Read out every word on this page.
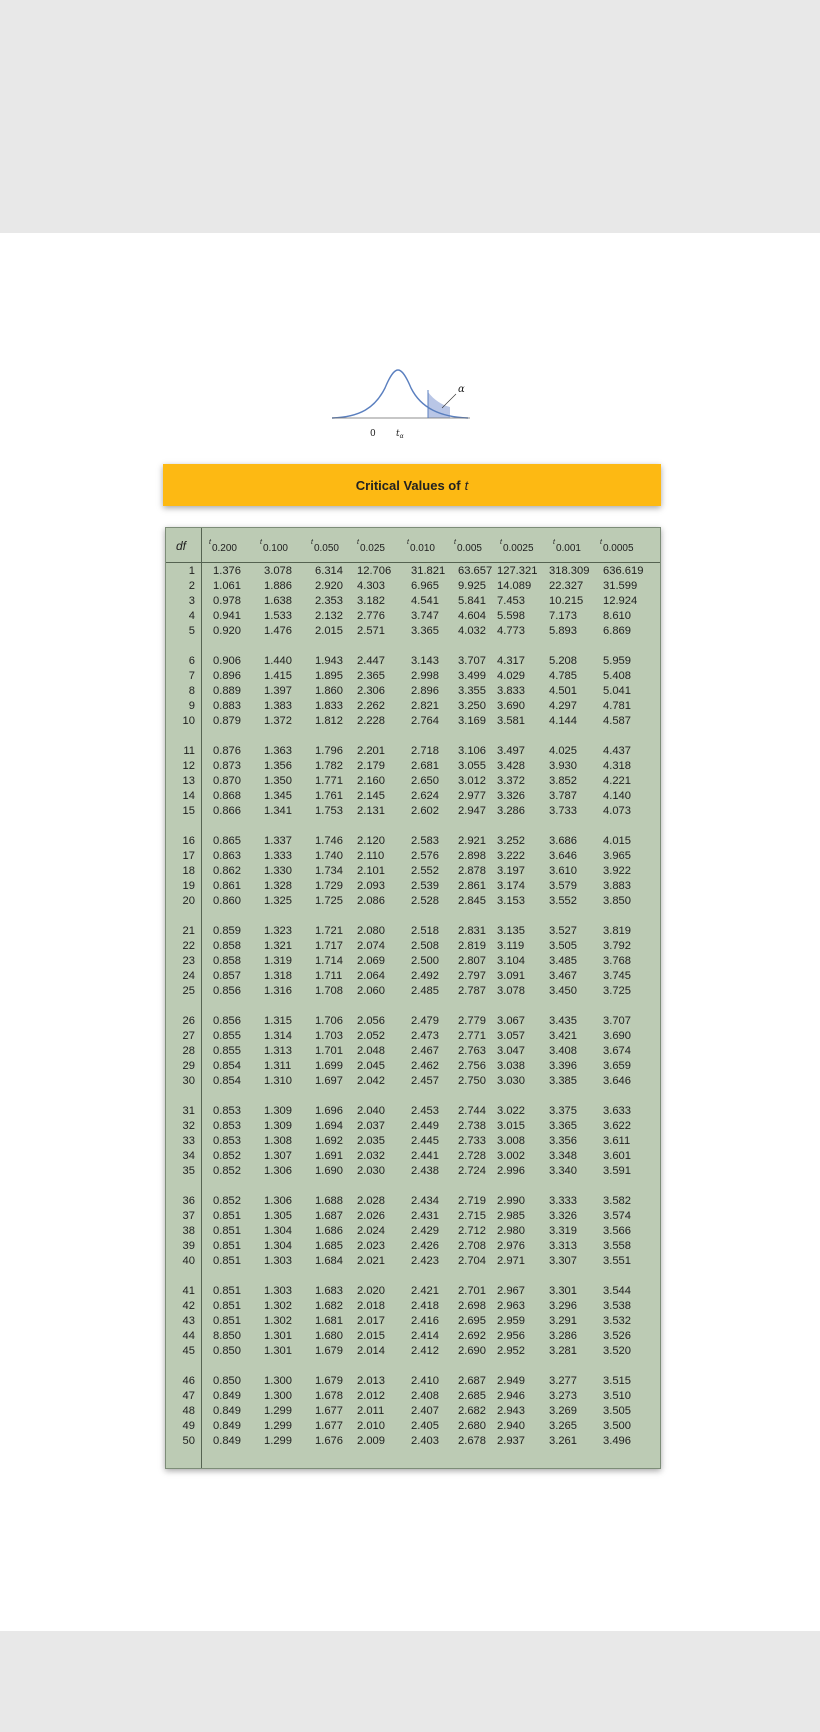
α
0 $t_\alpha$
Critical Values of t
df	$^t_{0.200}$
$^t_{0.100}$
$^t_{0.050}$
$^t_{0.025}$
$^t_{0.010}$
$^t_{0.005}$
$^t_{0.0025}$
$^t_{0.001}$
$^t_{0.0005}$
1 1.376 3.078 6.314 12.706 31.821 63.657 127.321 318.309 636.619
2 1.061 1.886 2.920 4.303 6.965 9.925 14.089 22.327 31.599
3 0.978 1.638 2.353 3.182 4.541 5.841 7.453 10.215 12.924
4 0.941 1.533 2.132 2.776 3.747 4.604 5.598 7.173 8.610
5 0.920 1.476 2.015 2.571 3.365 4.032 4.773 5.893 6.869
6 0.906 1.440 1.943 2.447 3.143 3.707 4.317 5.208 5.959
7 0.896 1.415 1.895 2.365 2.998 3.499 4.029 4.785 5.408
8 0.889 1.397 1.860 2.306 2.896 3.355 3.833 4.501 5.041
9 0.883 1.383 1.833 2.262 2.821 3.250 3.690 4.297 4.781
10 0.879 1.372 1.812 2.228 2.764 3.169 3.581 4.144 4.587
11 0.876 1.363 1.796 2.201 2.718 3.106 3.497 4.025 4.437
12 0.873 1.356 1.782 2.179 2.681 3.055 3.428 3.930 4.318
13 0.870 1.350 1.771 2.160 2.650 3.012 3.372 3.852 4.221
14 0.868 1.345 1.761 2.145 2.624 2.977 3.326 3.787 4.140
15 0.866 1.341 1.753 2.131 2.602 2.947 3.286 3.733 4.073
16 0.865 1.337 1.746 2.120 2.583 2.921 3.252 3.686 4.015
17 0.863 1.333 1.740 2.110 2.576 2.898 3.222 3.646 3.965
18 0.862 1.330 1.734 2.101 2.552 2.878 3.197 3.610 3.922
19 0.861 1.328 1.729 2.093 2.539 2.861 3.174 3.579 3.883
20 0.860 1.325 1.725 2.086 2.528 2.845 3.153 3.552 3.850
21 0.859 1.323 1.721 2.080 2.518 2.831 3.135 3.527 3.819
22 0.858 1.321 1.717 2.074 2.508 2.819 3.119 3.505 3.792
23 0.858 1.319 1.714 2.069 2.500 2.807 3.104 3.485 3.768
24 0.857 1.318 1.711 2.064 2.492 2.797 3.091 3.467 3.745
25 0.856 1.316 1.708 2.060 2.485 2.787 3.078 3.450 3.725
26 0.856 1.315 1.706 2.056 2.479 2.779 3.067 3.435 3.707
27 0.855 1.314 1.703 2.052 2.473 2.771 3.057 3.421 3.690
28 0.855 1.313 1.701 2.048 2.467 2.763 3.047 3.408 3.674
29 0.854 1.311 1.699 2.045 2.462 2.756 3.038 3.396 3.659
30 0.854 1.310 1.697 2.042 2.457 2.750 3.030 3.385 3.646
31 0.853 1.309 1.696 2.040 2.453 2.744 3.022 3.375 3.633
32 0.853 1.309 1.694 2.037 2.449 2.738 3.015 3.365 3.622
33 0.853 1.308 1.692 2.035 2.445 2.733 3.008 3.356 3.611
34 0.852 1.307 1.691 2.032 2.441 2.728 3.002 3.348 3.601
35 0.852 1.306 1.690 2.030 2.438 2.724 2.996 3.340 3.591
36 0.852 1.306 1.688 2.028 2.434 2.719 2.990 3.333 3.582
37 0.851 1.305 1.687 2.026 2.431 2.715 2.985 3.326 3.574
38 0.851 1.304 1.686 2.024 2.429 2.712 2.980 3.319 3.566
39 0.851 1.304 1.685 2.023 2.426 2.708 2.976 3.313 3.558
40 0.851 1.303 1.684 2.021 2.423 2.704 2.971 3.307 3.551
41 0.851 1.303 1.683 2.020 2.421 2.701 2.967 3.301 3.544
42 0.851 1.302 1.682 2.018 2.418 2.698 2.963 3.296 3.538
43 0.851 1.302 1.681 2.017 2.416 2.695 2.959 3.291 3.532
44 8.850 1.301 1.680 2.015 2.414 2.692 2.956 3.286 3.526
45 0.850 1.301 1.679 2.014 2.412 2.690 2.952 3.281 3.520
46 0.850 1.300 1.679 2.013 2.410 2.687 2.949 3.277 3.515
47 0.849 1.300 1.678 2.012 2.408 2.685 2.946 3.273 3.510
48 0.849 1.299 1.677 2.011 2.407 2.682 2.943 3.269 3.505
49 0.849 1.299 1.677 2.010 2.405 2.680 2.940 3.265 3.500
50 0.849 1.299 1.676 2.009 2.403 2.678 2.937 3.261 3.496
